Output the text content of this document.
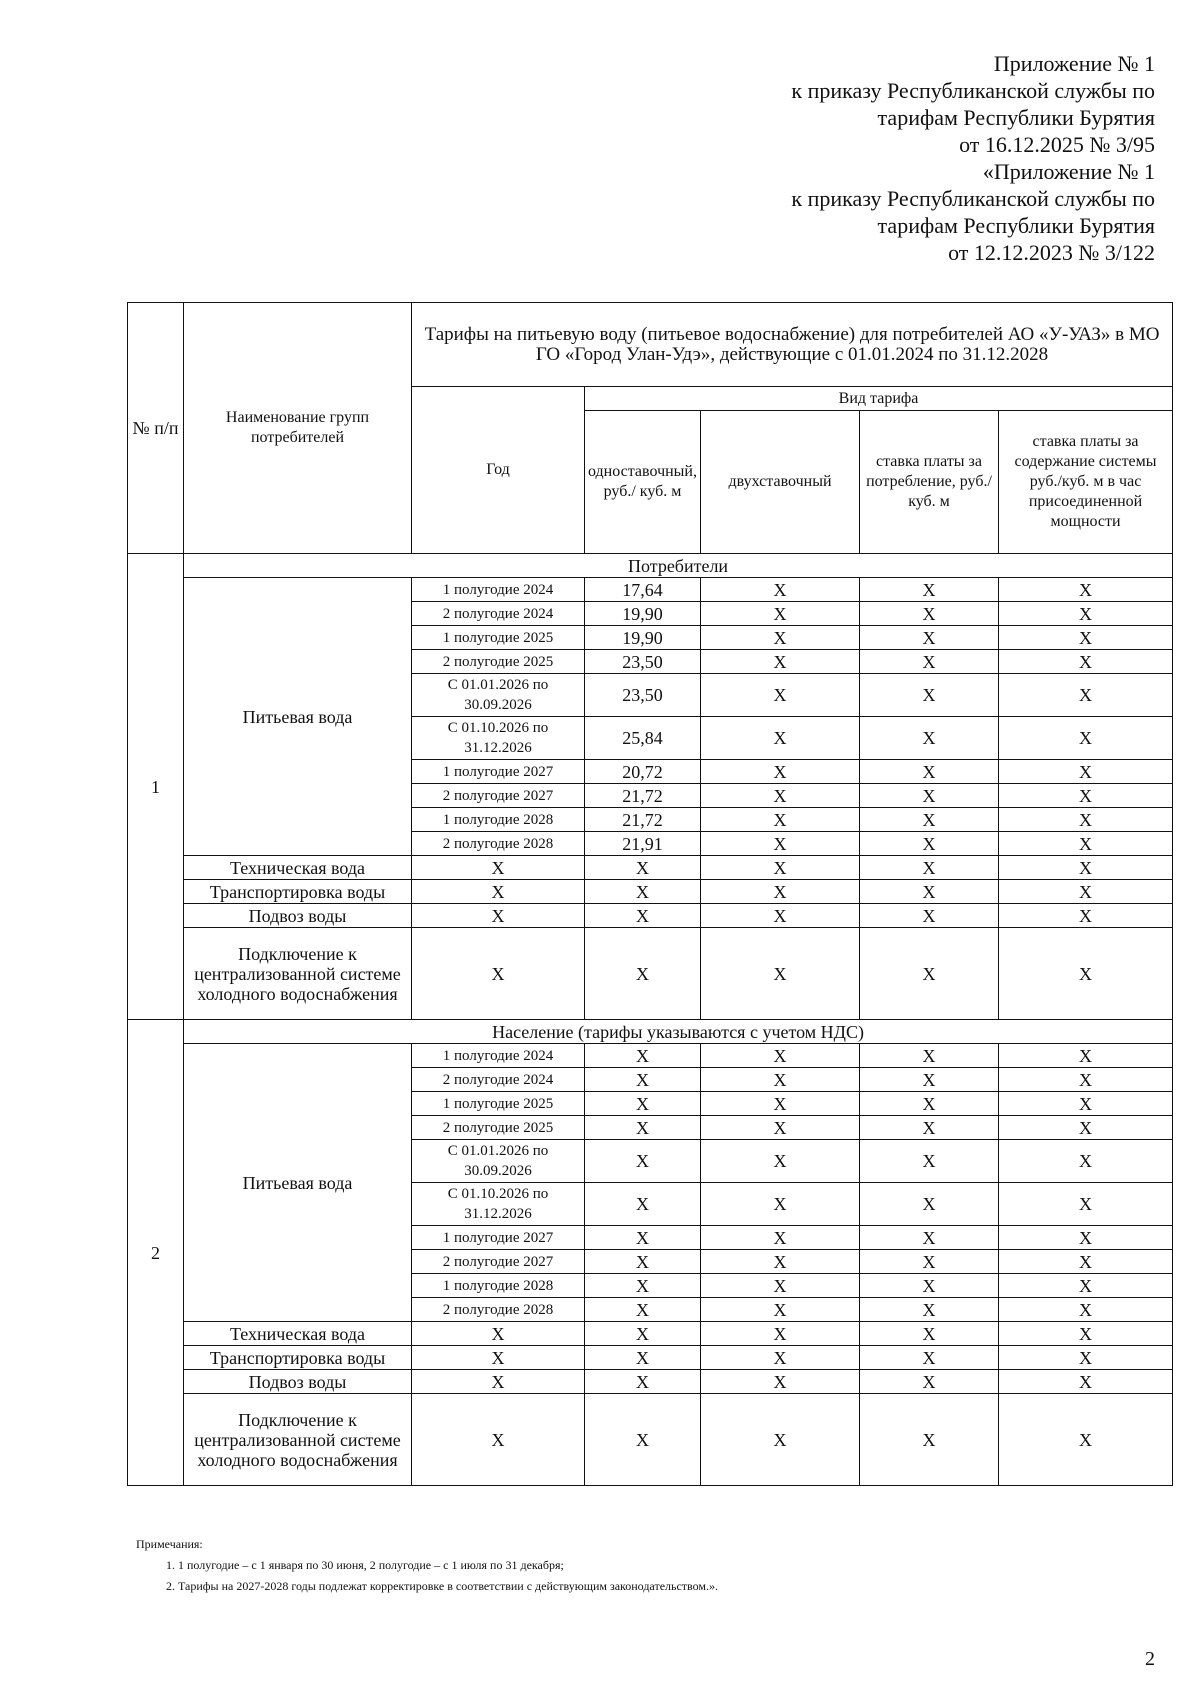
Приложение № 1
к приказу Республиканской службы по
тарифам Республики Бурятия
от 16.12.2025 № 3/95
«Приложение № 1
к приказу Республиканской службы по
тарифам Республики Бурятия
от 12.12.2023 № 3/122
№ п/п	Наименование групп потребителей	Тарифы на питьевую воду (питьевое водоснабжение) для потребителей АО «У-УАЗ» в МО ГО «Город Улан-Удэ», действующие с 01.01.2024 по 31.12.2028				
		Год	Вид тарифа			
			одноставочный, руб./ куб. м	двухставочный	ставка платы за потребление, руб./ куб. м	ставка платы за содержание системы руб./куб. м в час присоединенной мощности
1	Потребители					
	Питьевая вода	1 полугодие 2024	17,64	X	X	X
		2 полугодие 2024	19,90	X	X	X
		1 полугодие 2025	19,90	X	X	X
		2 полугодие 2025	23,50	X	X	X
		С 01.01.2026 по 30.09.2026	23,50	X	X	X
		С 01.10.2026 по 31.12.2026	25,84	X	X	X
		1 полугодие 2027	20,72	X	X	X
		2 полугодие 2027	21,72	X	X	X
		1 полугодие 2028	21,72	X	X	X
		2 полугодие 2028	21,91	X	X	X
	Техническая вода	X	X	X	X	X
	Транспортировка воды	X	X	X	X	X
	Подвоз воды	X	X	X	X	X
	Подключение к централизованной системе холодного водоснабжения	X	X	X	X	X
2	Население (тарифы указываются с учетом НДС)					
	Питьевая вода	1 полугодие 2024	X	X	X	X
		2 полугодие 2024	X	X	X	X
		1 полугодие 2025	X	X	X	X
		2 полугодие 2025	X	X	X	X
		С 01.01.2026 по 30.09.2026	X	X	X	X
		С 01.10.2026 по 31.12.2026	X	X	X	X
		1 полугодие 2027	X	X	X	X
		2 полугодие 2027	X	X	X	X
		1 полугодие 2028	X	X	X	X
		2 полугодие 2028	X	X	X	X
	Техническая вода	X	X	X	X	X
	Транспортировка воды	X	X	X	X	X
	Подвоз воды	X	X	X	X	X
	Подключение к централизованной системе холодного водоснабжения	X	X	X	X	X
Примечания:
1. 1 полугодие – с 1 января по 30 июня, 2 полугодие – с 1 июля по 31 декабря;
2. Тарифы на 2027-2028 годы подлежат корректировке в соответствии с действующим законодательством.».
2
